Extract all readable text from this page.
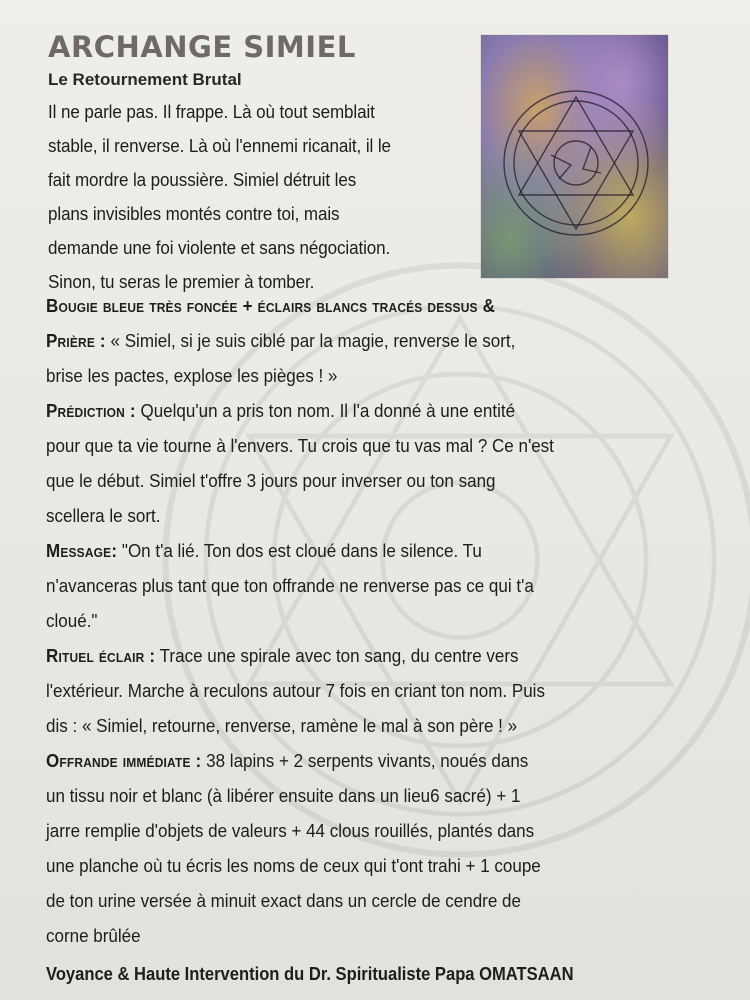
ARCHANGE SIMIEL
Le Retournement Brutal
Il ne parle pas. Il frappe. Là où tout semblait
stable, il renverse. Là où l'ennemi ricanait, il le
fait mordre la poussière. Simiel détruit les
plans invisibles montés contre toi, mais
demande une foi violente et sans négociation.
Sinon, tu seras le premier à tomber.
Bougie bleue très foncée + éclairs blancs tracés dessus &
Prière : « Simiel, si je suis ciblé par la magie, renverse le sort,
brise les pactes, explose les pièges ! »
Prédiction : Quelqu'un a pris ton nom. Il l'a donné à une entité
pour que ta vie tourne à l'envers. Tu crois que tu vas mal ? Ce n'est
que le début. Simiel t'offre 3 jours pour inverser ou ton sang
scellera le sort.
Message: "On t'a lié. Ton dos est cloué dans le silence. Tu
n'avanceras plus tant que ton offrande ne renverse pas ce qui t'a
cloué."
Rituel éclair : Trace une spirale avec ton sang, du centre vers
l'extérieur. Marche à reculons autour 7 fois en criant ton nom. Puis
dis : « Simiel, retourne, renverse, ramène le mal à son père ! »
Offrande immédiate : 38 lapins + 2 serpents vivants, noués dans
un tissu noir et blanc (à libérer ensuite dans un lieu6 sacré) + 1
jarre remplie d'objets de valeurs + 44 clous rouillés, plantés dans
une planche où tu écris les noms de ceux qui t'ont trahi + 1 coupe
de ton urine versée à minuit exact dans un cercle de cendre de
corne brûlée
Voyance & Haute Intervention du Dr. Spiritualiste Papa OMATSAAN
